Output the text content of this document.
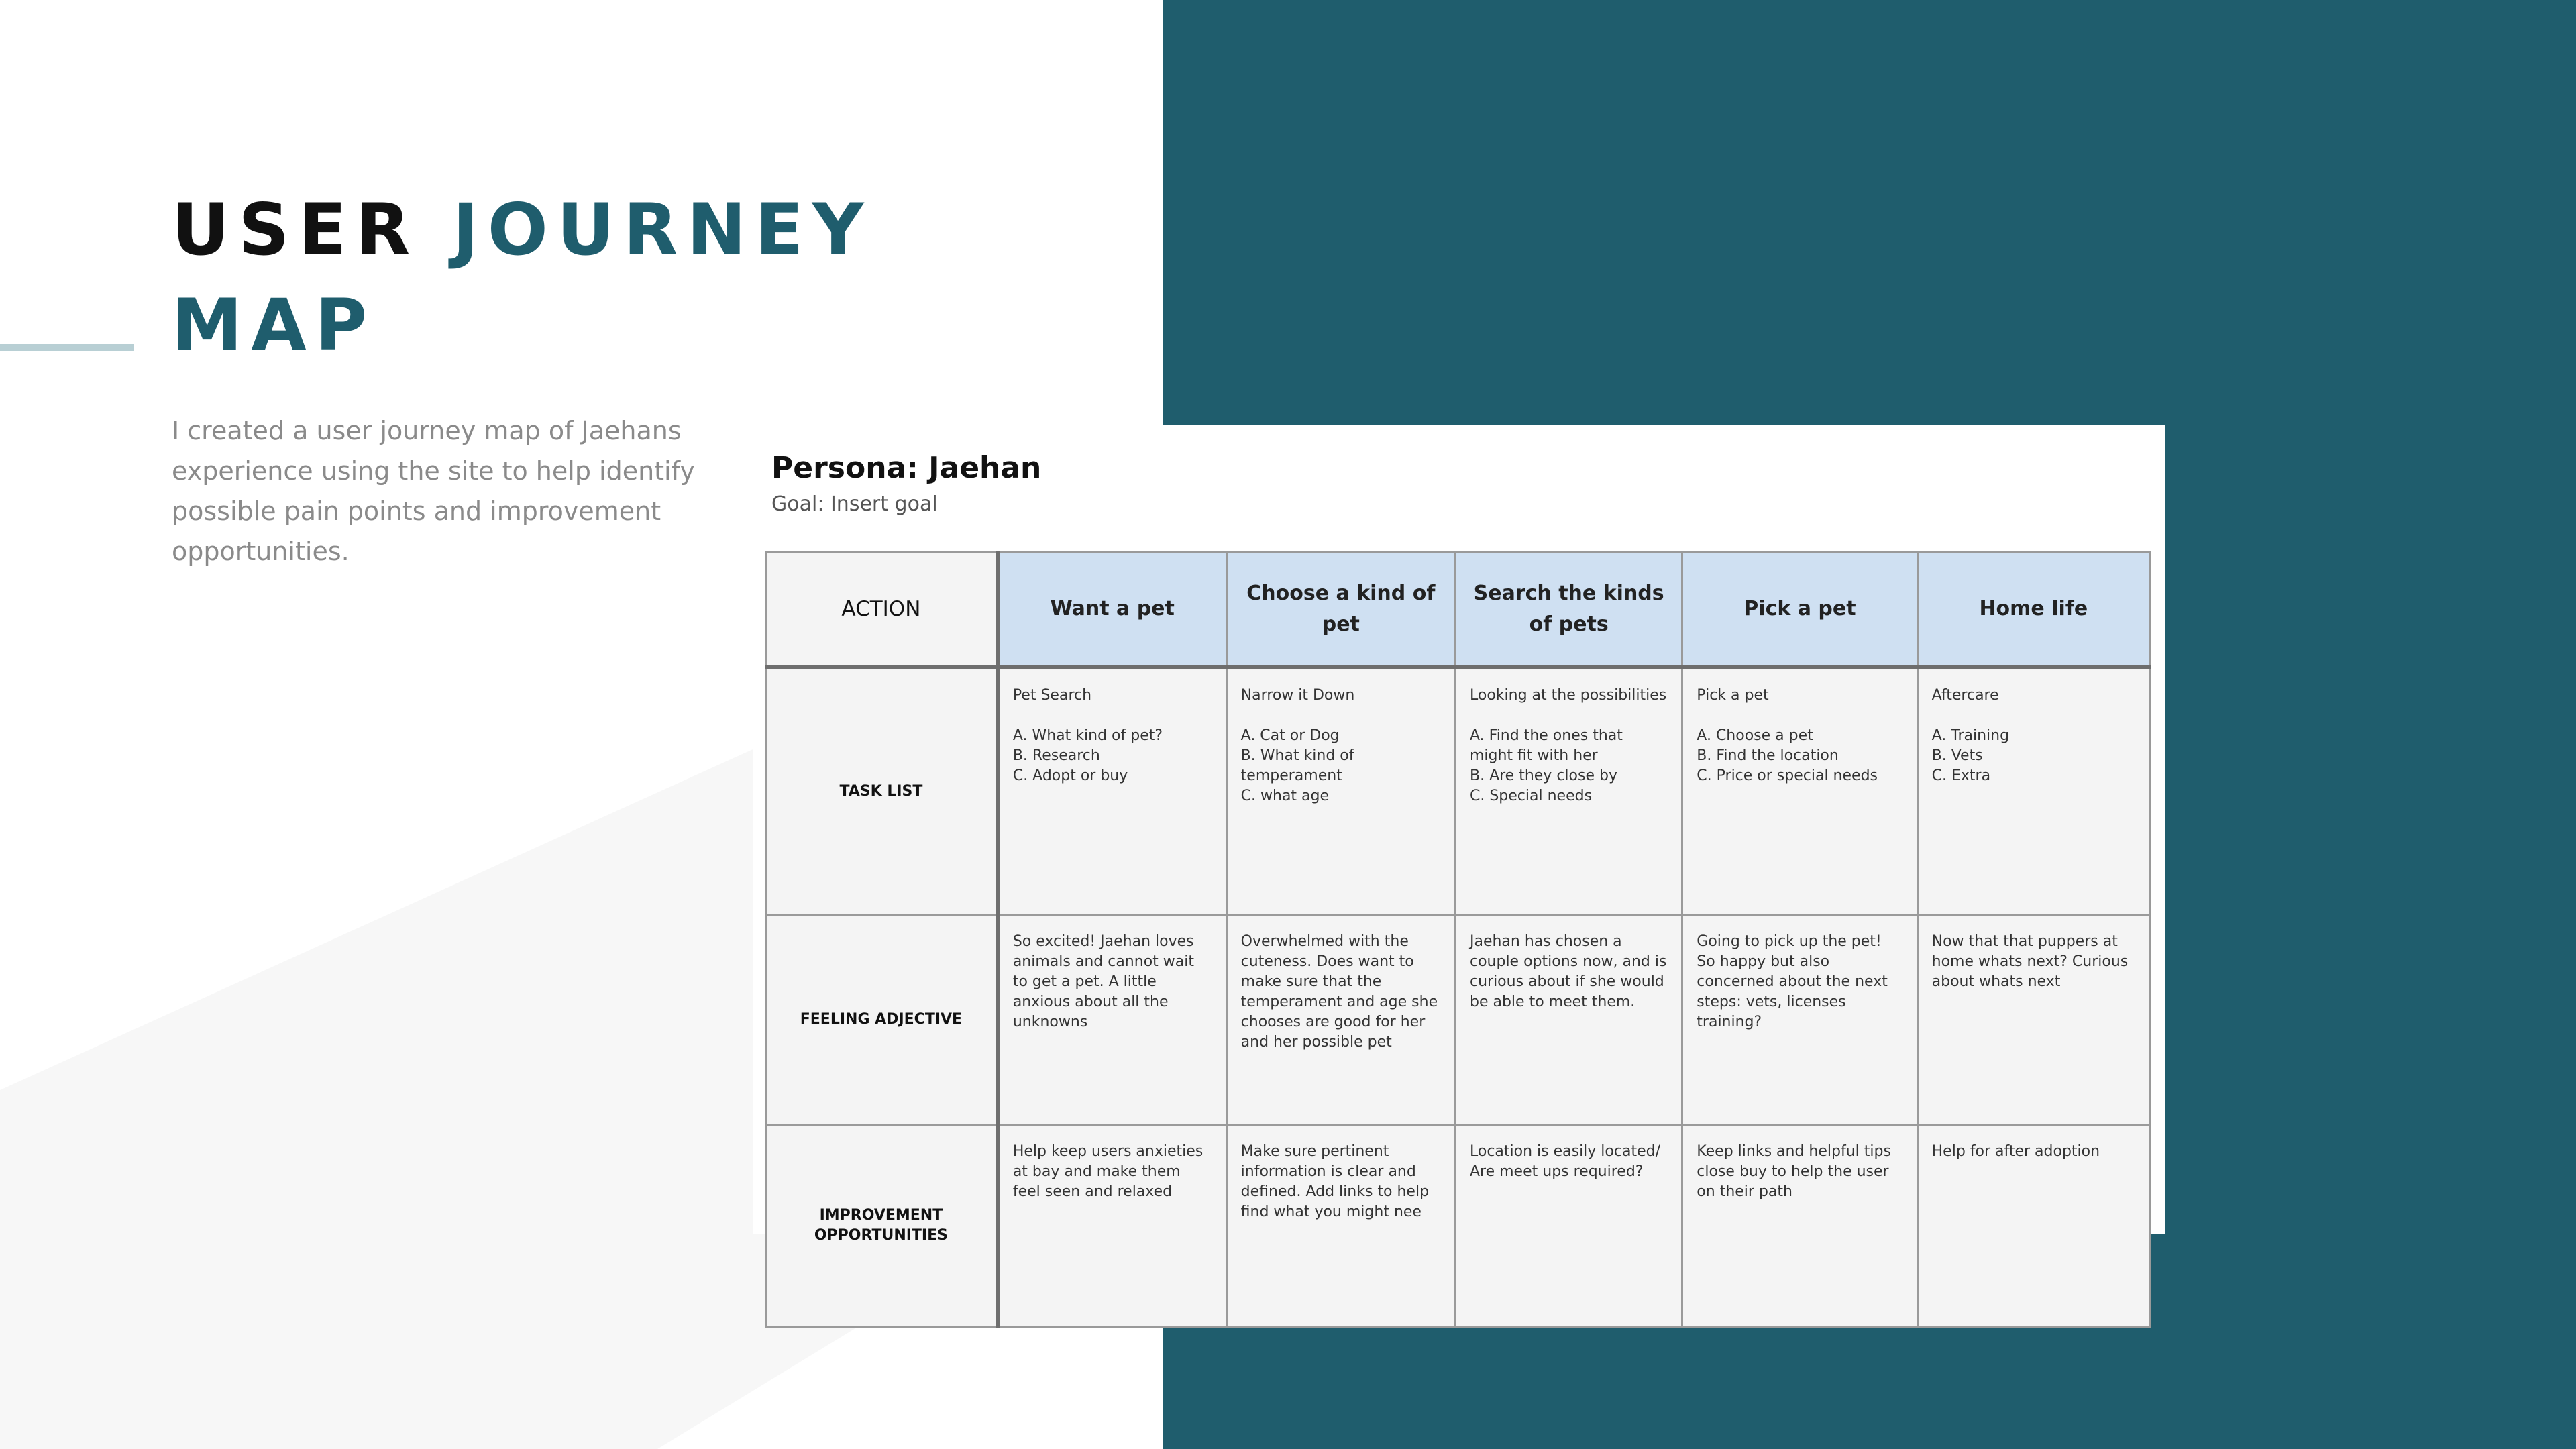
USER JOURNEY
MAP

I created a user journey map of Jaehans experience using the site to help identify possible pain points and improvement opportunities.

Persona: Jaehan
Goal: Insert goal
ACTION	Want a pet	Choose a kind of pet	Search the kinds of pets	Pick a pet	Home life
TASK LIST	Pet Search

A. What kind of pet?
B. Research
C. Adopt or buy	Narrow it Down

A. Cat or Dog
B. What kind of temperament
C. what age	Looking at the possibilities

A. Find the ones that might fit with her
B. Are they close by
C. Special needs	Pick a pet

A. Choose a pet
B. Find the location
C. Price or special needs	Aftercare

A. Training
B. Vets
C. Extra
FEELING ADJECTIVE	So excited! Jaehan loves animals and cannot wait to get a pet. A little anxious about all the unknowns	Overwhelmed with the cuteness. Does want to make sure that the temperament and age she chooses are good for her and her possible pet	Jaehan has chosen a couple options now, and is curious about if she would be able to meet them.	Going to pick up the pet! So happy but also concerned about the next steps: vets, licenses training?	Now that that puppers at home whats next? Curious about whats next
IMPROVEMENT OPPORTUNITIES	Help keep users anxieties at bay and make them feel seen and relaxed	Make sure pertinent information is clear and defined. Add links to help find what you might nee	Location is easily located/ Are meet ups required?	Keep links and helpful tips close buy to help the user on their path	Help for after adoption
